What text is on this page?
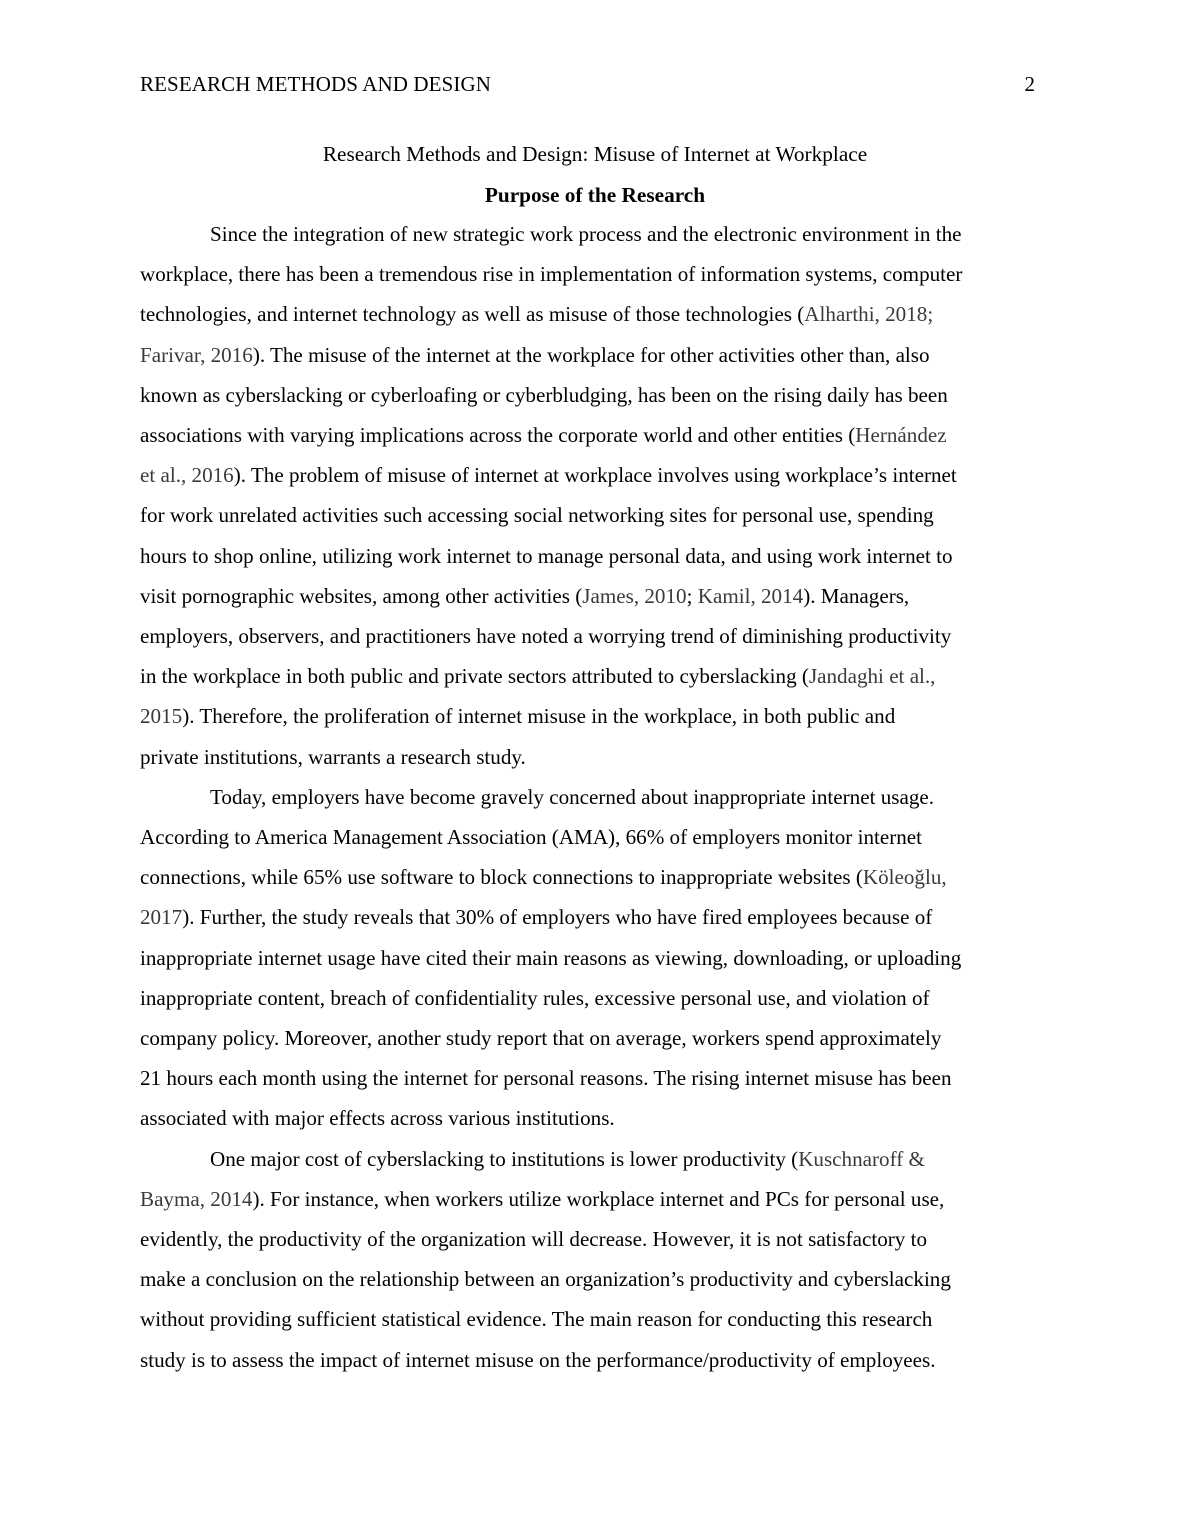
RESEARCH METHODS AND DESIGN	2
Research Methods and Design: Misuse of Internet at Workplace
Purpose of the Research
Since the integration of new strategic work process and the electronic environment in the
workplace, there has been a tremendous rise in implementation of information systems, computer
technologies, and internet technology as well as misuse of those technologies (Alharthi, 2018;
Farivar, 2016). The misuse of the internet at the workplace for other activities other than, also
known as cyberslacking or cyberloafing or cyberbludging, has been on the rising daily has been
associations with varying implications across the corporate world and other entities (Hernández
et al., 2016). The problem of misuse of internet at workplace involves using workplace’s internet
for work unrelated activities such accessing social networking sites for personal use, spending
hours to shop online, utilizing work internet to manage personal data, and using work internet to
visit pornographic websites, among other activities (James, 2010; Kamil, 2014). Managers,
employers, observers, and practitioners have noted a worrying trend of diminishing productivity
in the workplace in both public and private sectors attributed to cyberslacking (Jandaghi et al.,
2015). Therefore, the proliferation of internet misuse in the workplace, in both public and
private institutions, warrants a research study.
Today, employers have become gravely concerned about inappropriate internet usage.
According to America Management Association (AMA), 66% of employers monitor internet
connections, while 65% use software to block connections to inappropriate websites (Köleoğlu,
2017). Further, the study reveals that 30% of employers who have fired employees because of
inappropriate internet usage have cited their main reasons as viewing, downloading, or uploading
inappropriate content, breach of confidentiality rules, excessive personal use, and violation of
company policy. Moreover, another study report that on average, workers spend approximately
21 hours each month using the internet for personal reasons. The rising internet misuse has been
associated with major effects across various institutions.
One major cost of cyberslacking to institutions is lower productivity (Kuschnaroff &
Bayma, 2014). For instance, when workers utilize workplace internet and PCs for personal use,
evidently, the productivity of the organization will decrease. However, it is not satisfactory to
make a conclusion on the relationship between an organization’s productivity and cyberslacking
without providing sufficient statistical evidence. The main reason for conducting this research
study is to assess the impact of internet misuse on the performance/productivity of employees.
